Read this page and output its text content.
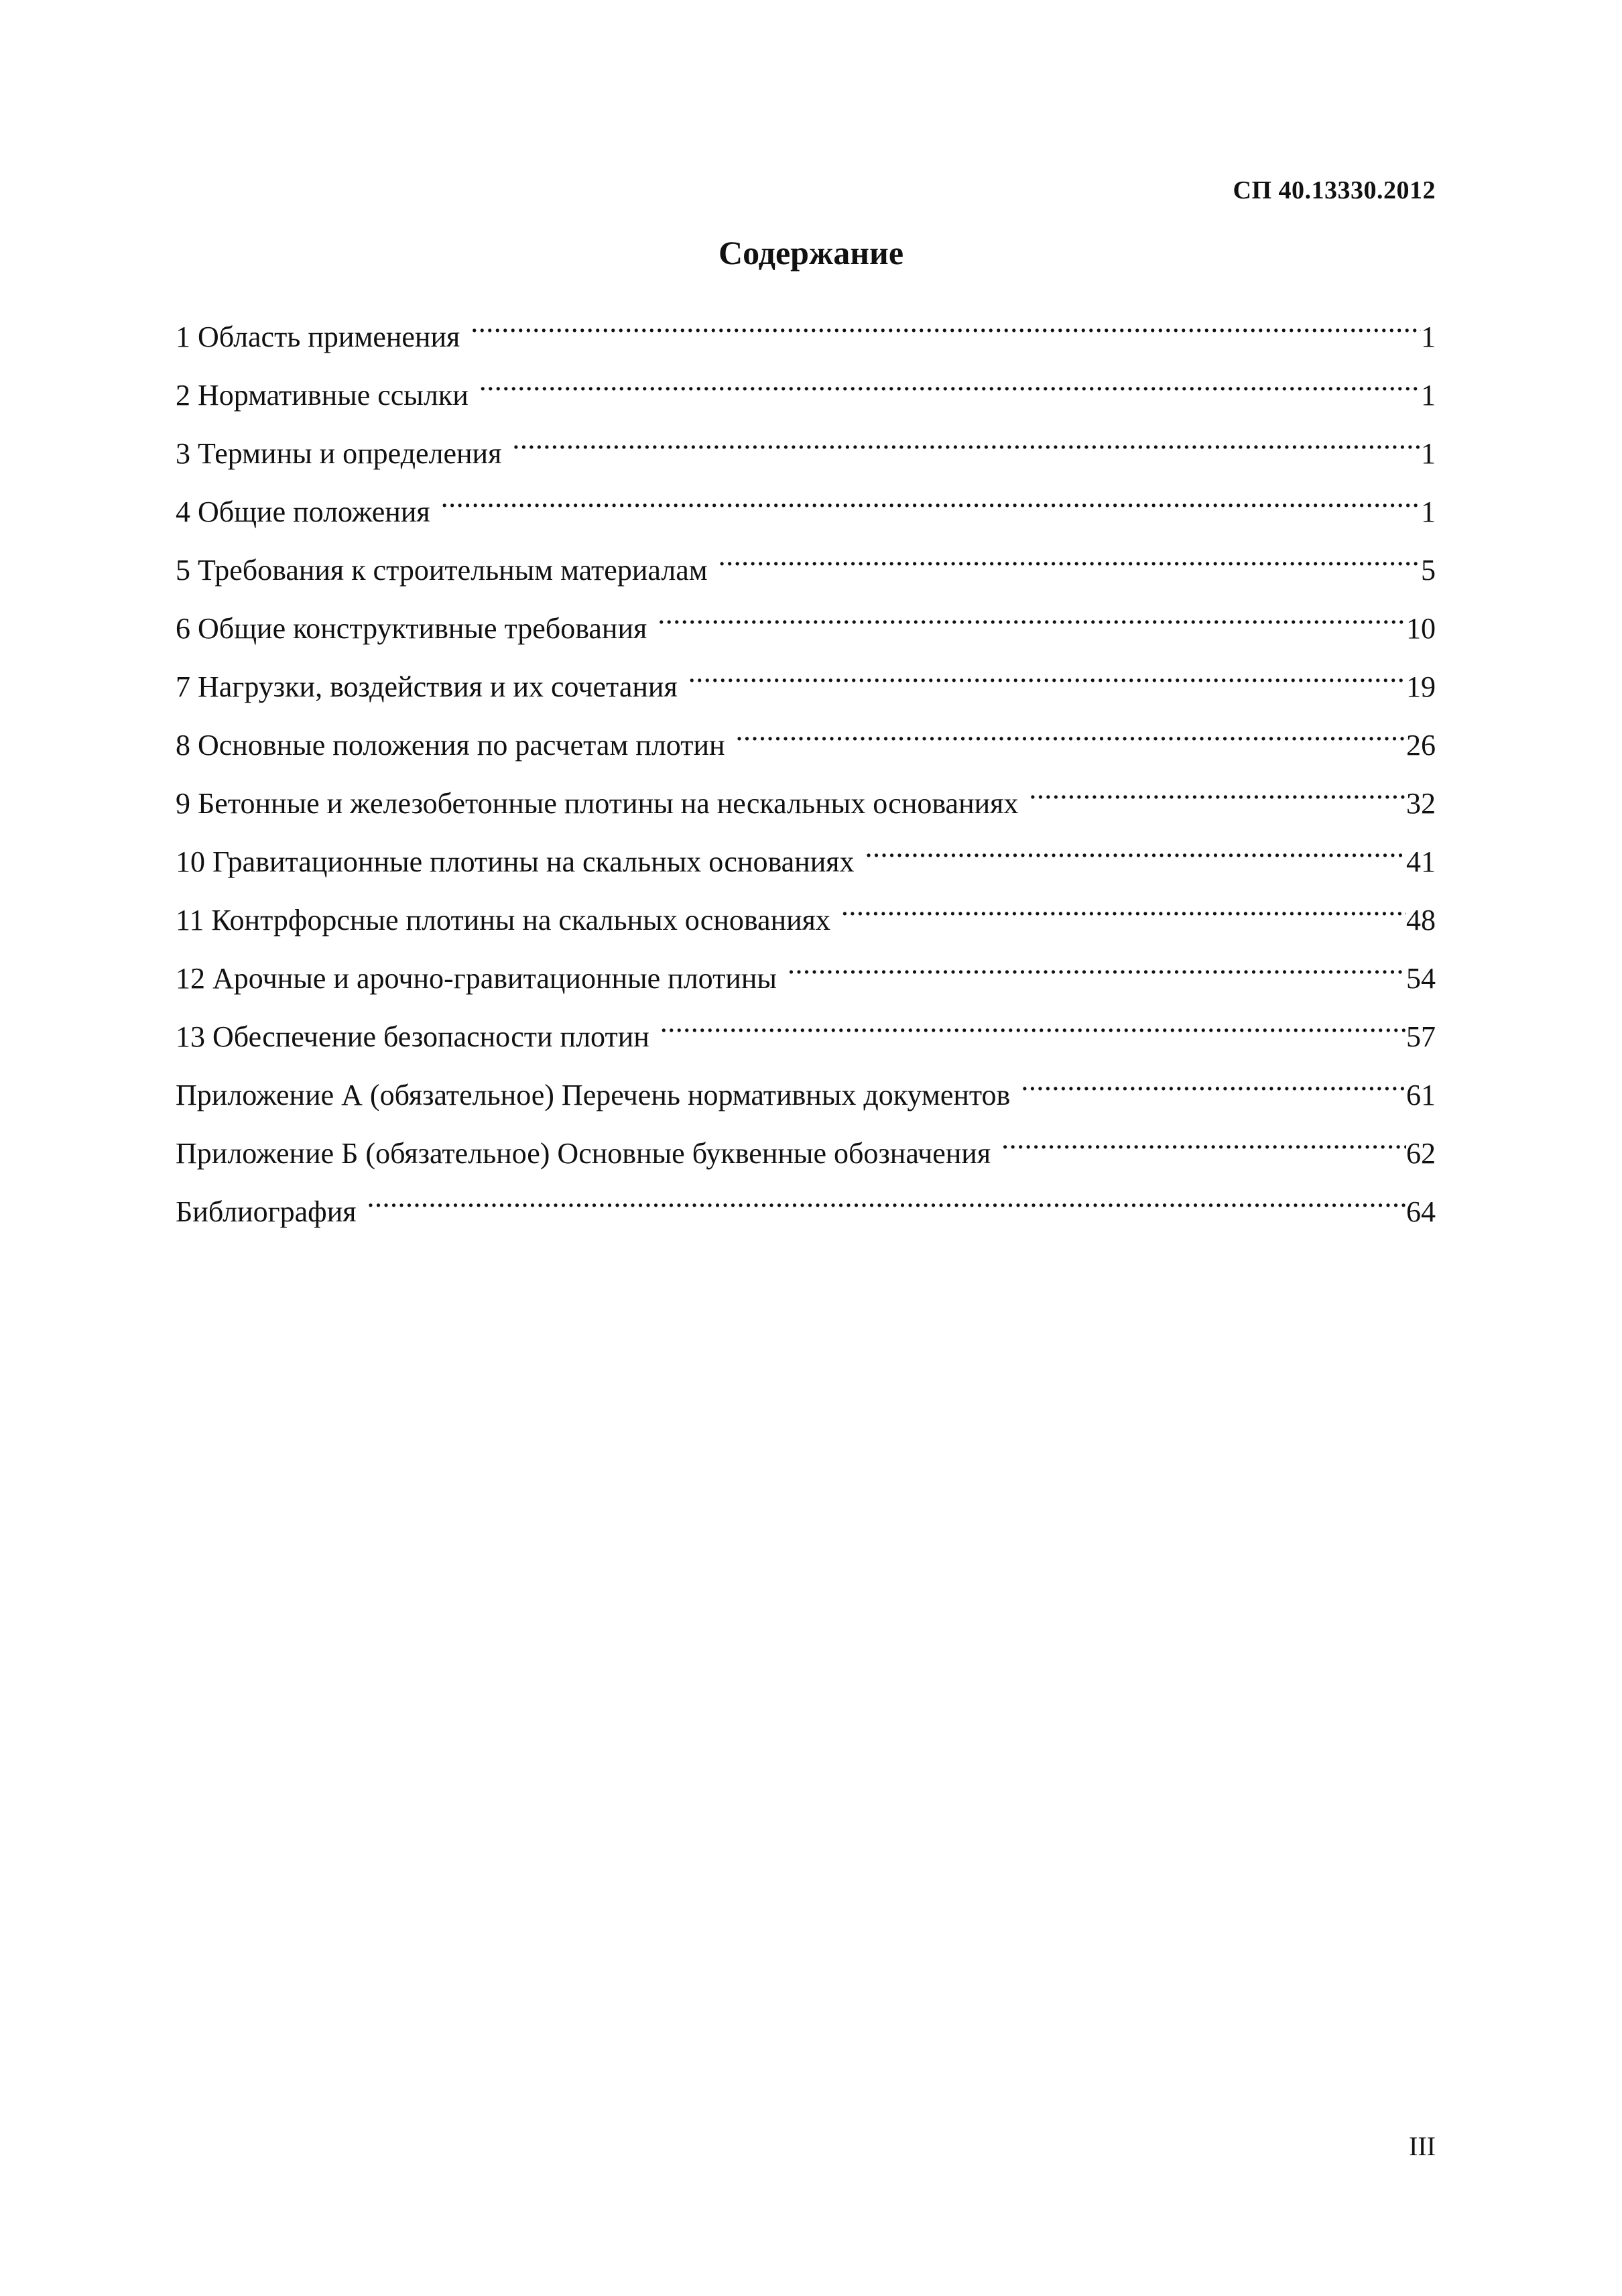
СП 40.13330.2012
Содержание
1 Область применения .....	1
2 Нормативные ссылки .....	1
3 Термины и определения .....	1
4 Общие положения .....	1
5 Требования к строительным материалам .....	5
6 Общие конструктивные требования .....	10
7 Нагрузки, воздействия и их сочетания .....	19
8 Основные положения по расчетам плотин .....	26
9 Бетонные и железобетонные плотины на нескальных основаниях .....	32
10 Гравитационные плотины на скальных основаниях .....	41
11 Контрфорсные плотины на скальных основаниях .....	48
12 Арочные и арочно-гравитационные плотины .....	54
13 Обеспечение безопасности плотин .....	57
Приложение А (обязательное) Перечень нормативных документов .....	61
Приложение Б (обязательное) Основные буквенные обозначения .....	62
Библиография .....	64
III
